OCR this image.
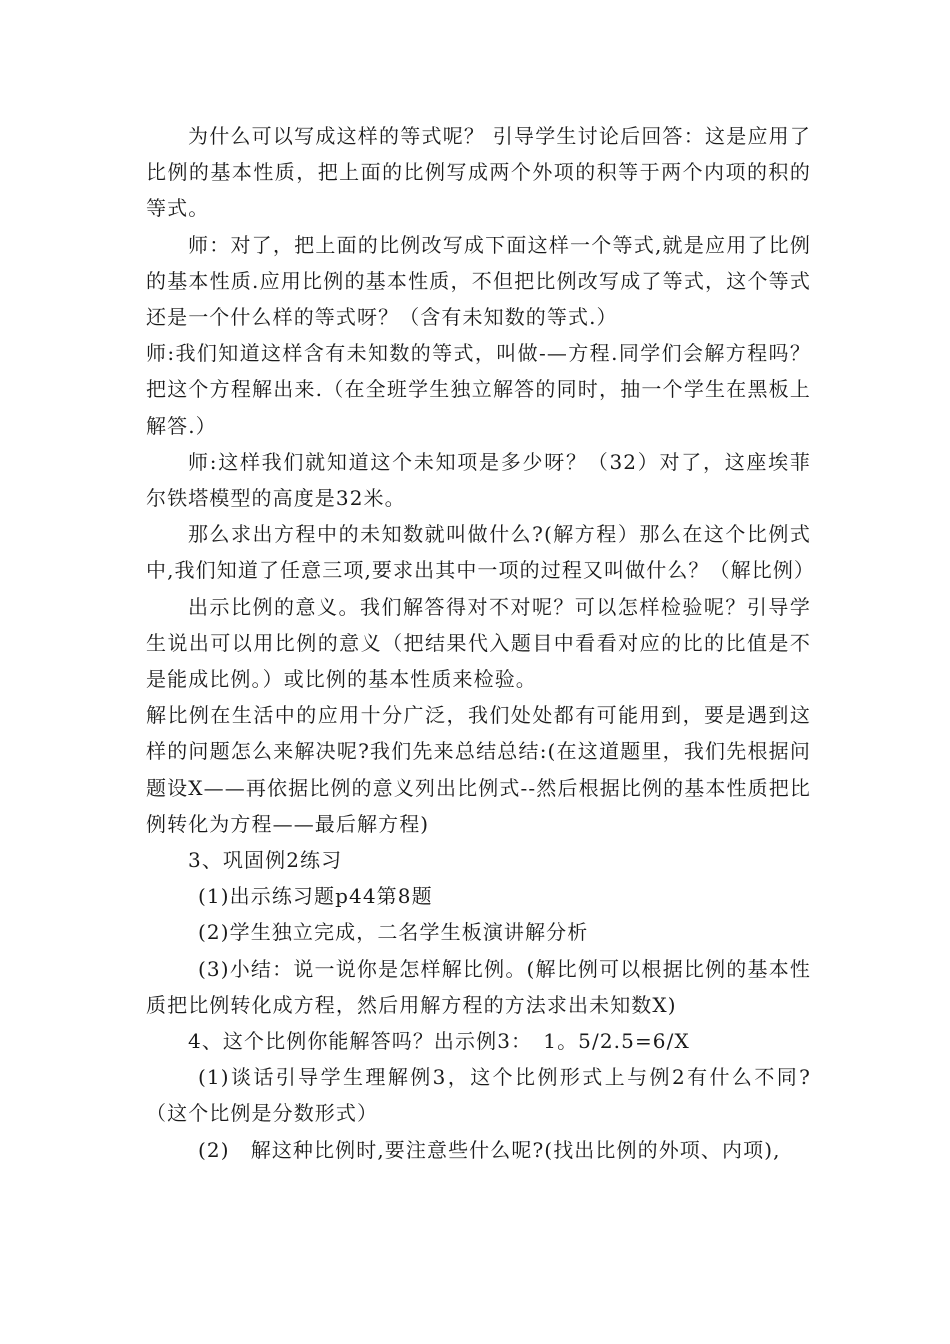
为什么可以写成这样的等式呢？ 引导学生讨论后回答：这是应用了比例的基本性质，把上面的比例写成两个外项的积等于两个内项的积的等式。

师：对了，把上面的比例改写成下面这样一个等式,就是应用了比例的基本性质.应用比例的基本性质，不但把比例改写成了等式，这个等式还是一个什么样的等式呀？（含有未知数的等式.）

师:我们知道这样含有未知数的等式，叫做-—方程.同学们会解方程吗？把这个方程解出来.（在全班学生独立解答的同时，抽一个学生在黑板上解答.）

师:这样我们就知道这个未知项是多少呀？（32）对了，这座埃菲尔铁塔模型的高度是32米。

那么求出方程中的未知数就叫做什么?(解方程）那么在这个比例式中,我们知道了任意三项,要求出其中一项的过程又叫做什么？（解比例）

出示比例的意义。我们解答得对不对呢？可以怎样检验呢？引导学生说出可以用比例的意义（把结果代入题目中看看对应的比的比值是不是能成比例。）或比例的基本性质来检验。

解比例在生活中的应用十分广泛，我们处处都有可能用到，要是遇到这样的问题怎么来解决呢?我们先来总结总结:(在这道题里，我们先根据问题设X——再依据比例的意义列出比例式--然后根据比例的基本性质把比例转化为方程——最后解方程)

3、巩固例2练习

(1)出示练习题p44第8题

(2)学生独立完成，二名学生板演讲解分析

(3)小结：说一说你是怎样解比例。(解比例可以根据比例的基本性质把比例转化成方程，然后用解方程的方法求出未知数X)

4、这个比例你能解答吗？出示例3：　1。5/2.5=6/X

(1)谈话引导学生理解例3，这个比例形式上与例2有什么不同?（这个比例是分数形式）

(2)　解这种比例时,要注意些什么呢?(找出比例的外项、内项),
